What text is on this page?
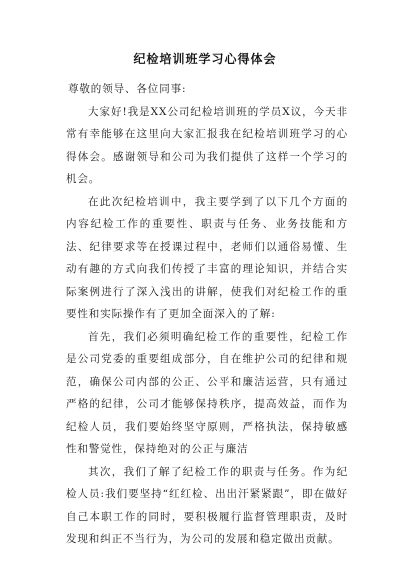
纪检培训班学习心得体会

尊敬的领导、各位同事:

大家好!我是XX公司纪检培训班的学员X议，今天非常有幸能够在这里向大家汇报我在纪检培训班学习的心得体会。感谢领导和公司为我们提供了这样一个学习的机会。

在此次纪检培训中，我主要学到了以下几个方面的内容纪检工作的重要性、职责与任务、业务技能和方法、纪律要求等在授课过程中，老师们以通俗易懂、生动有趣的方式向我们传授了丰富的理论知识，并结合实际案例进行了深入浅出的讲解，使我们对纪检工作的重要性和实际操作有了更加全面深入的了解:

首先，我们必须明确纪检工作的重要性，纪检工作是公司党委的重要组成部分，自在维护公司的纪律和规范，确保公司内部的公正、公平和廉洁运营，只有通过严格的纪律，公司才能够保持秩序，提高效益，而作为纪检人员，我们要始终坚守原则，严格执法，保持敏感性和警觉性，保持绝对的公正与廉洁

其次，我们了解了纪检工作的职责与任务。作为纪检人员:我们要坚持“红红检、出出汗紧紧跟”，即在做好自己本职工作的同时，要积极履行监督管理职责，及时发现和纠正不当行为，为公司的发展和稳定做出贡献。
